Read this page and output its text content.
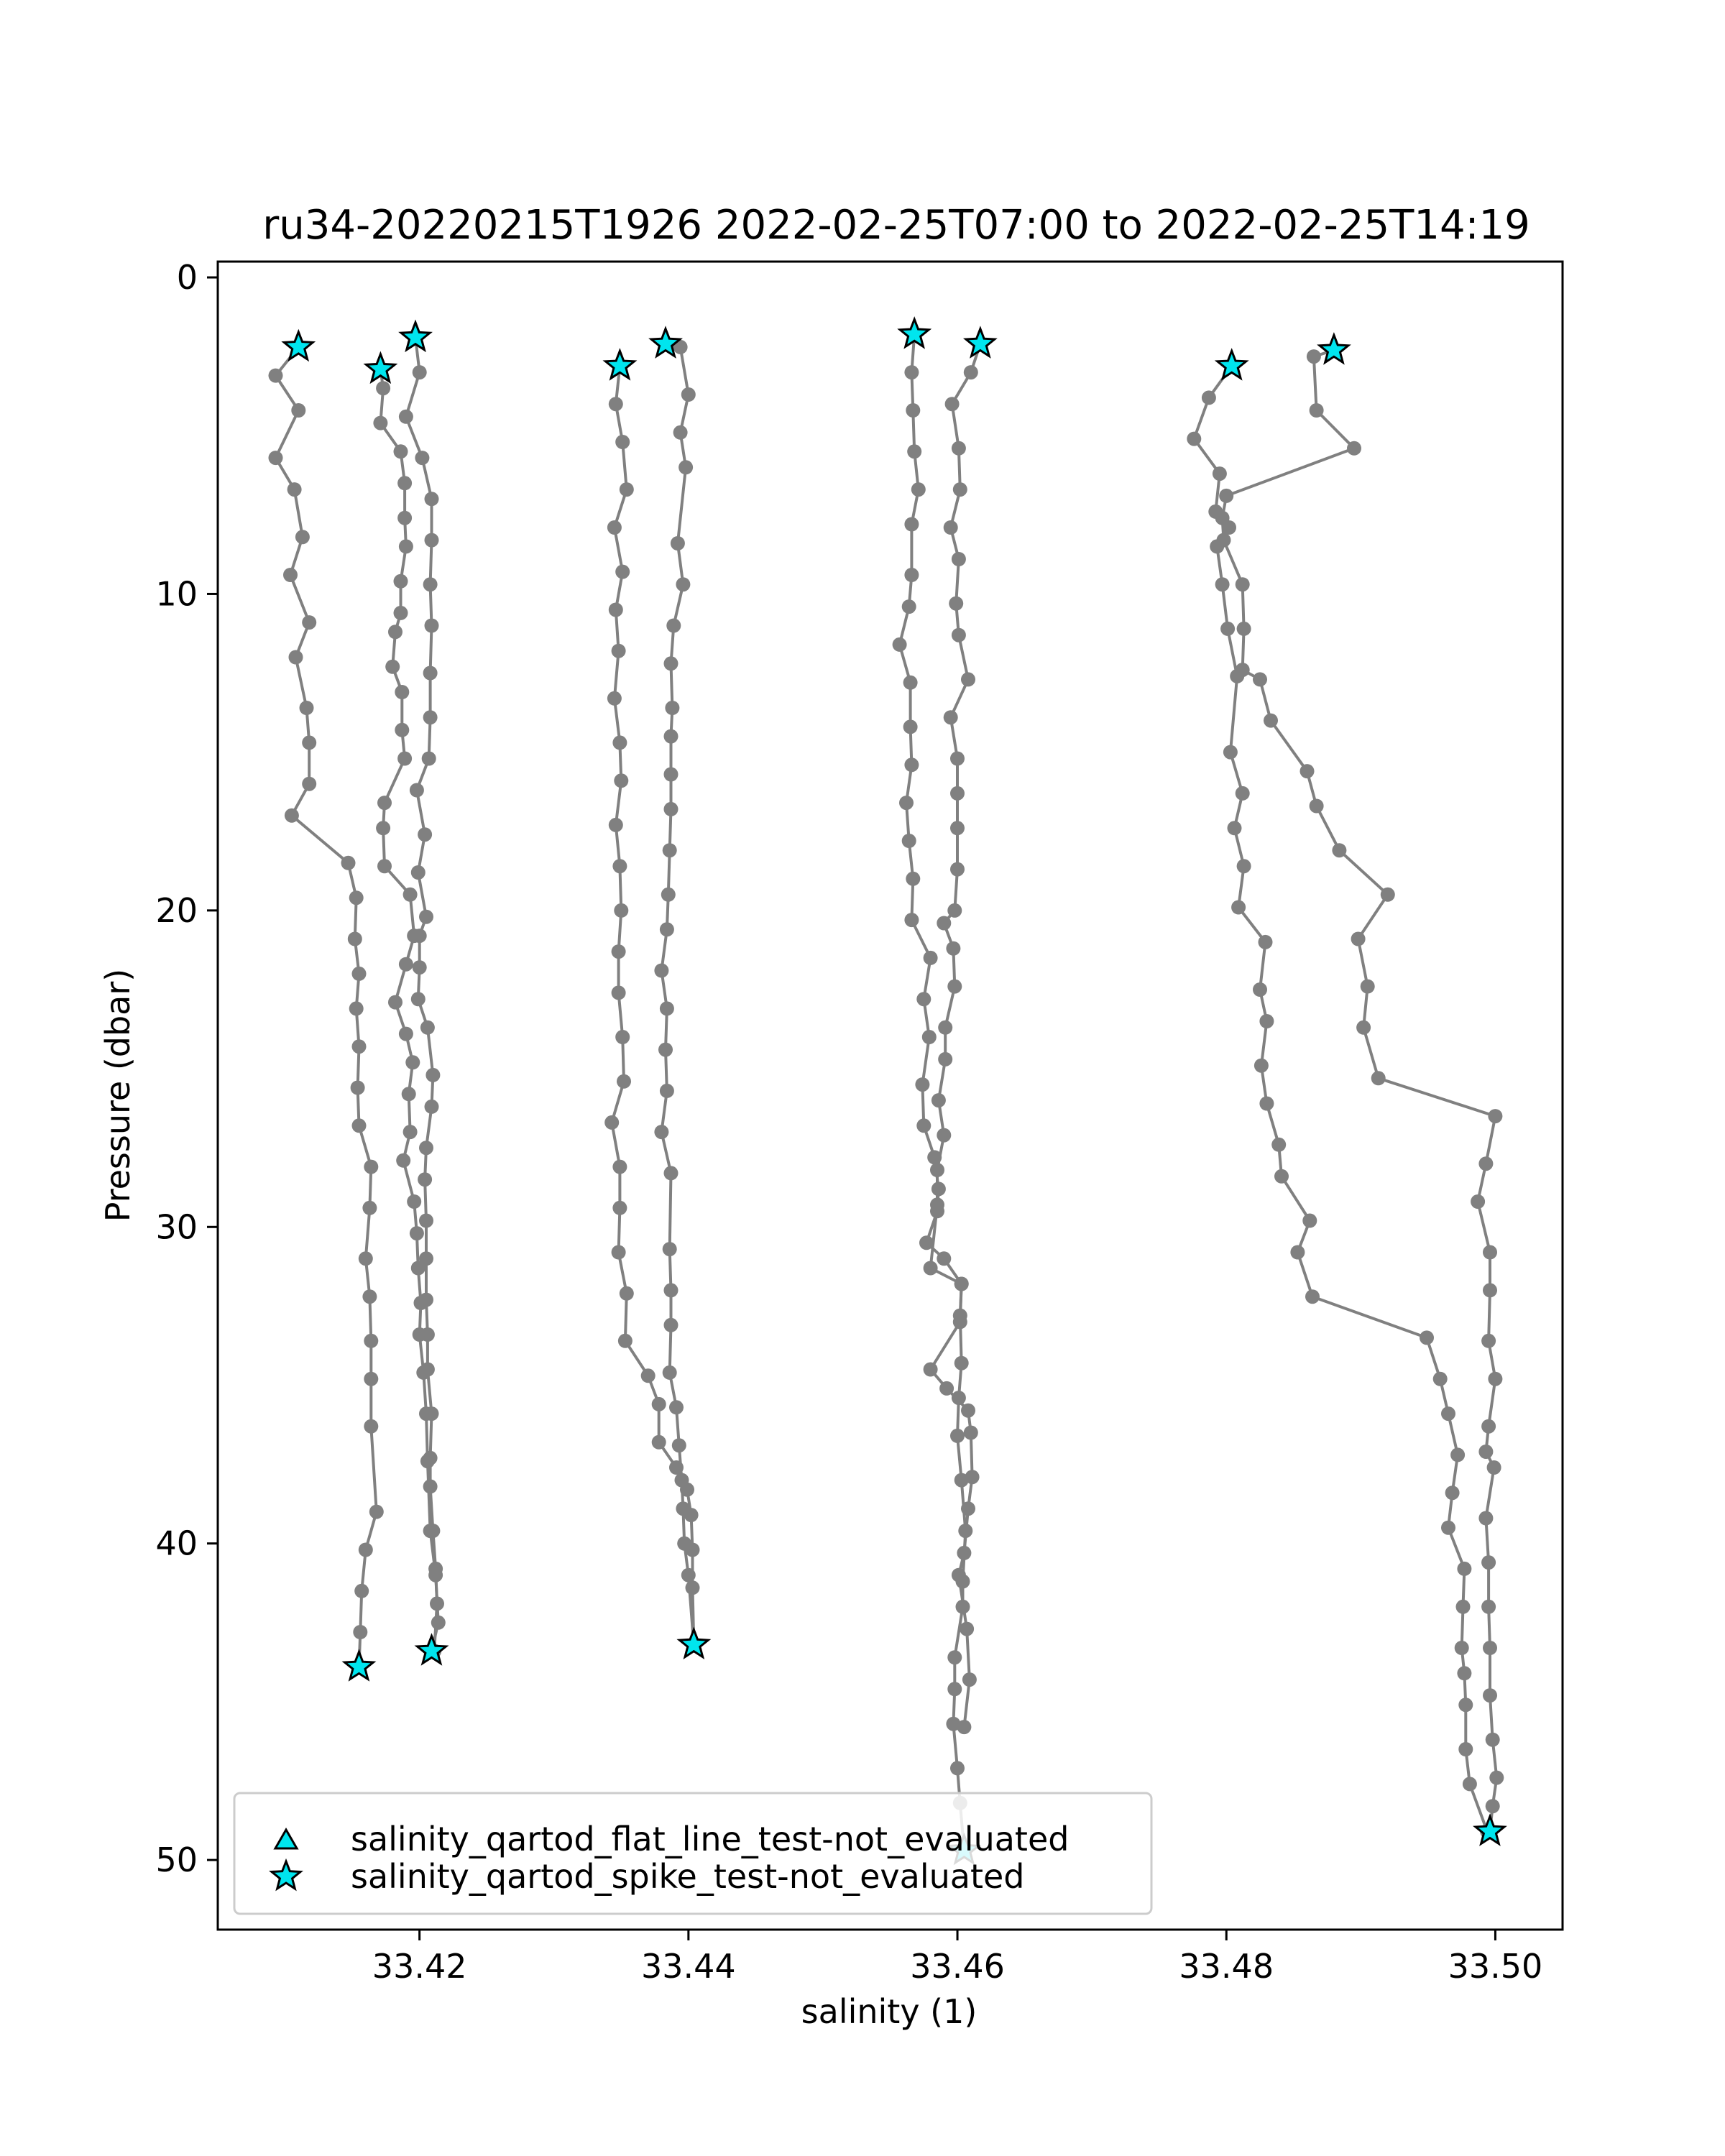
ru34-20220215T1926 2022-02-25T07:00 to 2022-02-25T14:19
33.42	33.44	33.46	33.48	33.50
0
10
20
30
40
50
salinity (1)
Pressure (dbar)
salinity_qartod_flat_line_test-not_evaluated
salinity_qartod_spike_test-not_evaluated
